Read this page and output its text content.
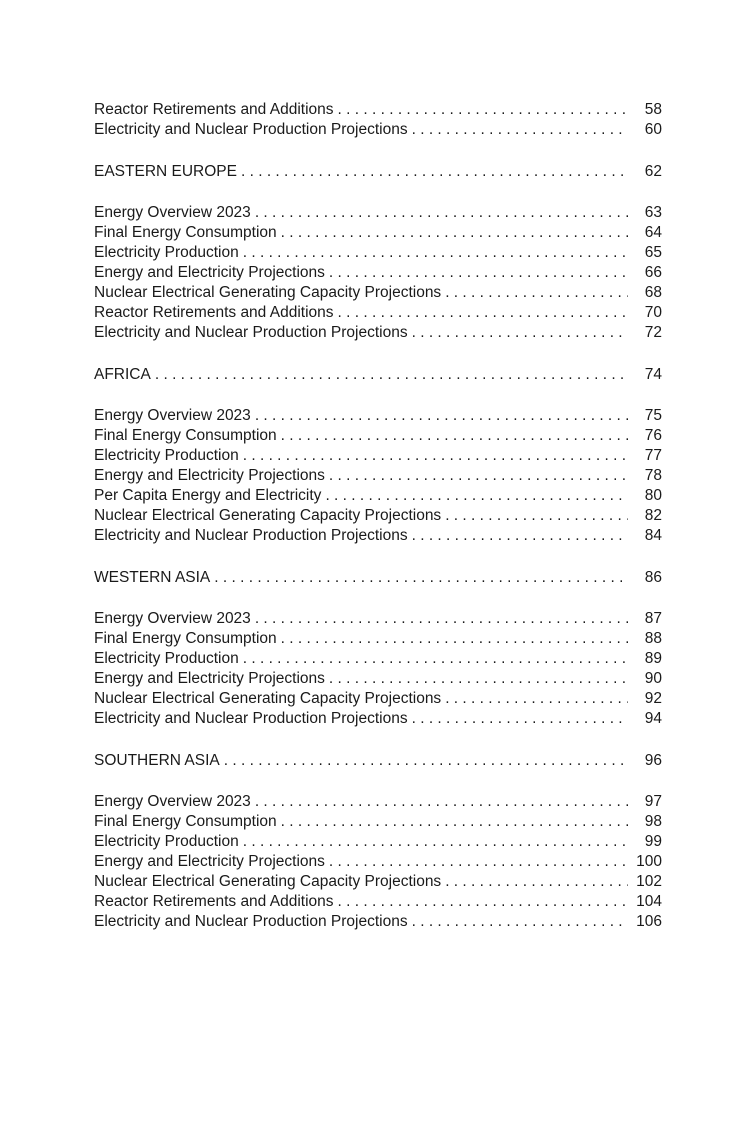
Reactor Retirements and Additions . . .	58
Electricity and Nuclear Production Projections . . .	60
EASTERN EUROPE . . .	62
Energy Overview 2023 . . .	63
Final Energy Consumption . . .	64
Electricity Production . . .	65
Energy and Electricity Projections . . .	66
Nuclear Electrical Generating Capacity Projections . . .	68
Reactor Retirements and Additions . . .	70
Electricity and Nuclear Production Projections . . .	72
AFRICA . . .	74
Energy Overview 2023 . . .	75
Final Energy Consumption . . .	76
Electricity Production . . .	77
Energy and Electricity Projections . . .	78
Per Capita Energy and Electricity . . .	80
Nuclear Electrical Generating Capacity Projections . . .	82
Electricity and Nuclear Production Projections . . .	84
WESTERN ASIA . . .	86
Energy Overview 2023 . . .	87
Final Energy Consumption . . .	88
Electricity Production . . .	89
Energy and Electricity Projections . . .	90
Nuclear Electrical Generating Capacity Projections . . .	92
Electricity and Nuclear Production Projections . . .	94
SOUTHERN ASIA . . .	96
Energy Overview 2023 . . .	97
Final Energy Consumption . . .	98
Electricity Production . . .	99
Energy and Electricity Projections . . .	100
Nuclear Electrical Generating Capacity Projections . . .	102
Reactor Retirements and Additions . . .	104
Electricity and Nuclear Production Projections . . .	106
